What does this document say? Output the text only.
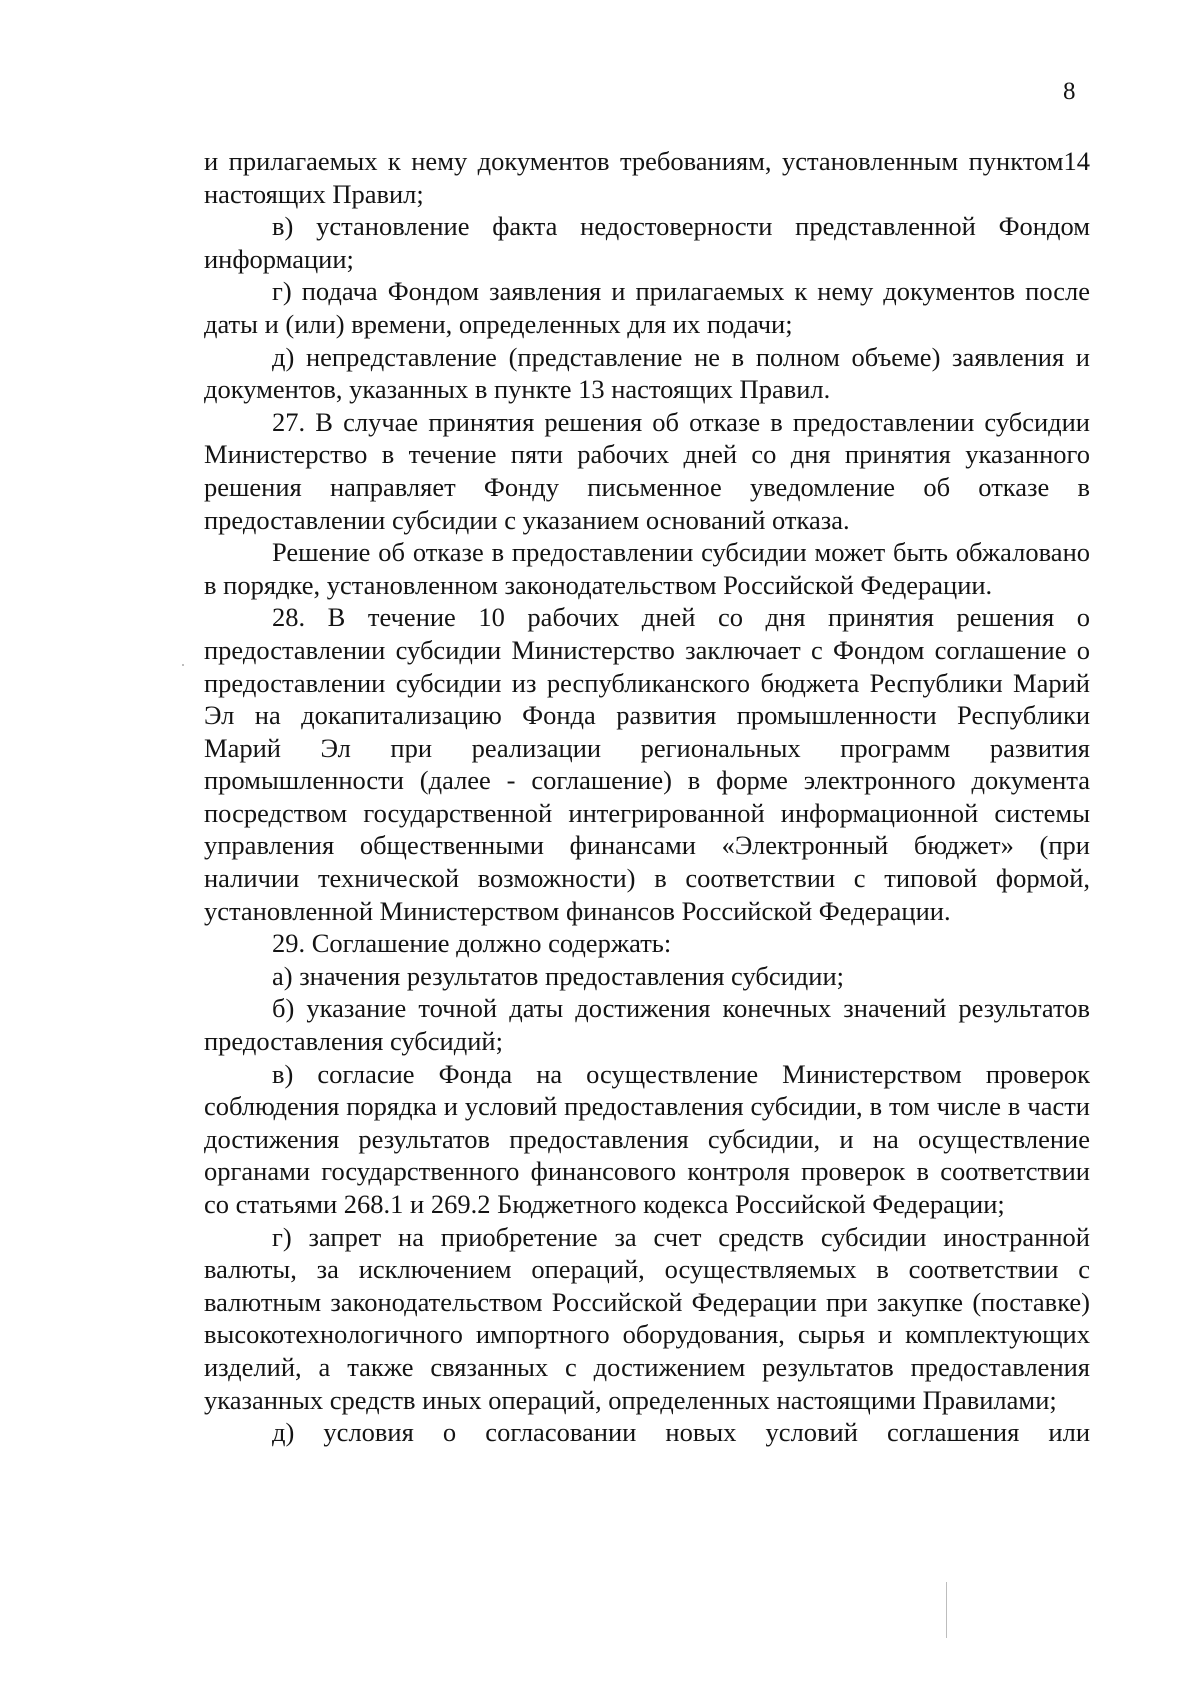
8

и прилагаемых к нему документов требованиям, установленным пунктом14 настоящих Правил;

в) установление факта недостоверности представленной Фондом информации;

г) подача Фондом заявления и прилагаемых к нему документов после даты и (или) времени, определенных для их подачи;

д) непредставление (представление не в полном объеме) заявления и документов, указанных в пункте 13 настоящих Правил.

27. В случае принятия решения об отказе в предоставлении субсидии Министерство в течение пяти рабочих дней со дня принятия указанного решения направляет Фонду письменное уведомление об отказе в предоставлении субсидии с указанием оснований отказа.

Решение об отказе в предоставлении субсидии может быть обжаловано в порядке, установленном законодательством Российской Федерации.

28. В течение 10 рабочих дней со дня принятия решения о предоставлении субсидии Министерство заключает с Фондом соглашение о предоставлении субсидии из республиканского бюджета Республики Марий Эл на докапитализацию Фонда развития промышленности Республики Марий Эл при реализации региональных программ развития промышленности (далее - соглашение) в форме электронного документа посредством государственной интегрированной информационной системы управления общественными финансами «Электронный бюджет» (при наличии технической возможности) в соответствии с типовой формой, установленной Министерством финансов Российской Федерации.

29. Соглашение должно содержать:

а) значения результатов предоставления субсидии;

б) указание точной даты достижения конечных значений результатов предоставления субсидий;

в) согласие Фонда на осуществление Министерством проверок соблюдения порядка и условий предоставления субсидии, в том числе в части достижения результатов предоставления субсидии, и на осуществление органами государственного финансового контроля проверок в соответствии со статьями 268.1 и 269.2 Бюджетного кодекса Российской Федерации;

г) запрет на приобретение за счет средств субсидии иностранной валюты, за исключением операций, осуществляемых в соответствии с валютным законодательством Российской Федерации при закупке (поставке) высокотехнологичного импортного оборудования, сырья и комплектующих изделий, а также связанных с достижением результатов предоставления указанных средств иных операций, определенных настоящими Правилами;

д) условия о согласовании новых условий соглашения или
